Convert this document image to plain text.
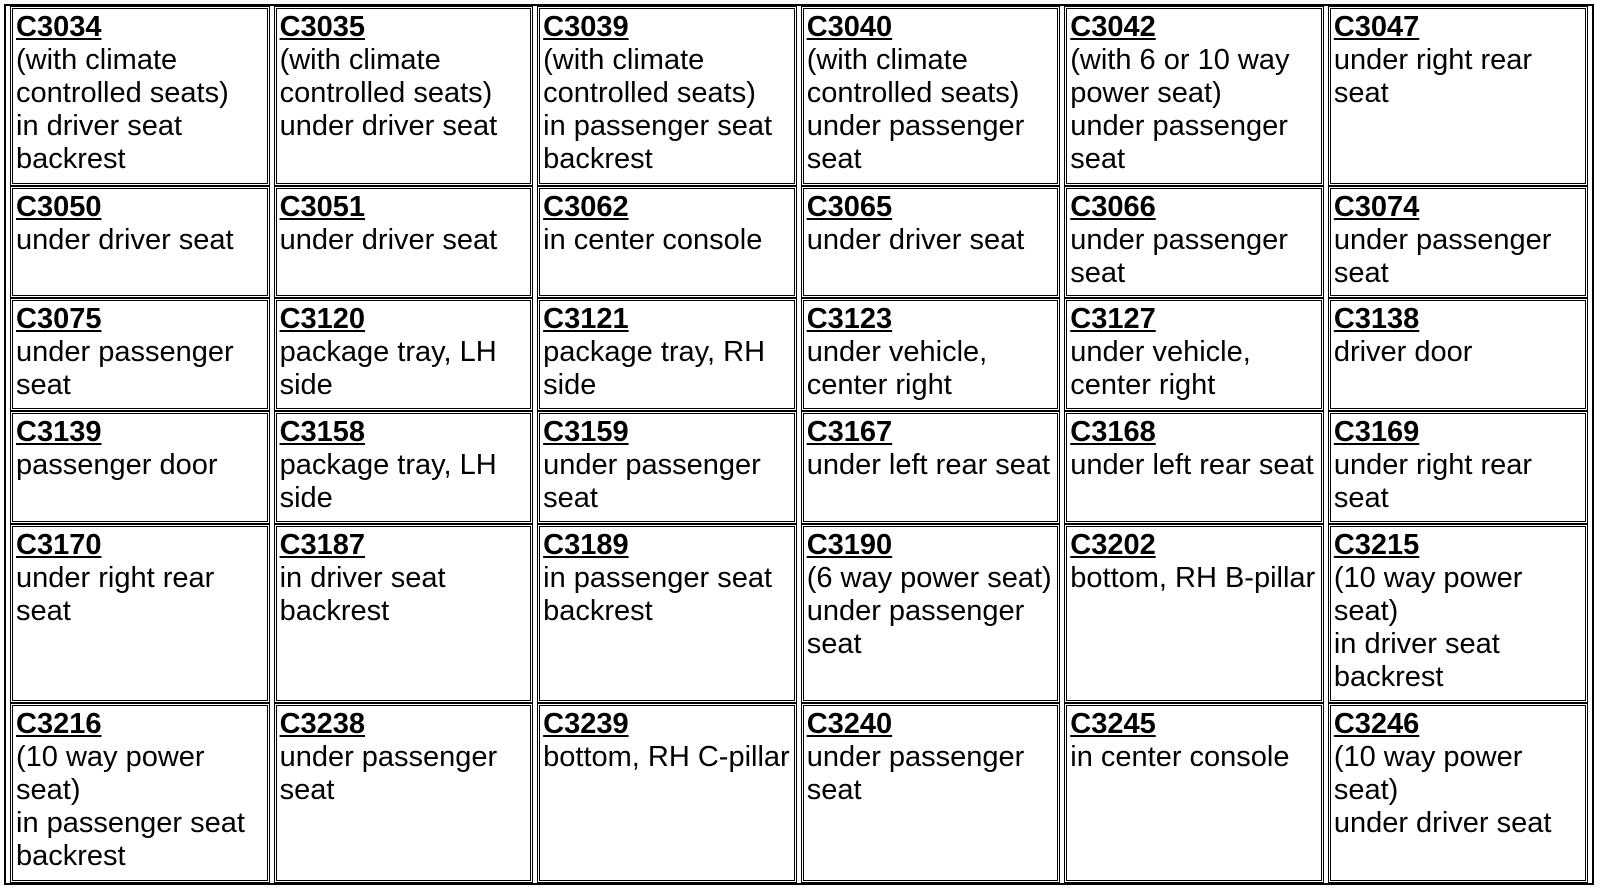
C3034
(with climate
controlled seats)
in driver seat
backrest	C3035
(with climate
controlled seats)
under driver seat	C3039
(with climate
controlled seats)
in passenger seat
backrest	C3040
(with climate
controlled seats)
under passenger
seat	C3042
(with 6 or 10 way
power seat)
under passenger
seat	C3047
under right rear
seat

C3050
under driver seat	C3051
under driver seat	C3062
in center console	C3065
under driver seat	C3066
under passenger
seat	C3074
under passenger
seat

C3075
under passenger
seat	C3120
package tray, LH
side	C3121
package tray, RH
side	C3123
under vehicle,
center right	C3127
under vehicle,
center right	C3138
driver door

C3139
passenger door	C3158
package tray, LH
side	C3159
under passenger
seat	C3167
under left rear seat	C3168
under left rear seat	C3169
under right rear
seat

C3170
under right rear
seat	C3187
in driver seat
backrest	C3189
in passenger seat
backrest	C3190
(6 way power seat)
under passenger
seat	C3202
bottom, RH B-pillar	C3215
(10 way power
seat)
in driver seat
backrest

C3216
(10 way power
seat)
in passenger seat
backrest	C3238
under passenger
seat	C3239
bottom, RH C-pillar	C3240
under passenger
seat	C3245
in center console	C3246
(10 way power
seat)
under driver seat
